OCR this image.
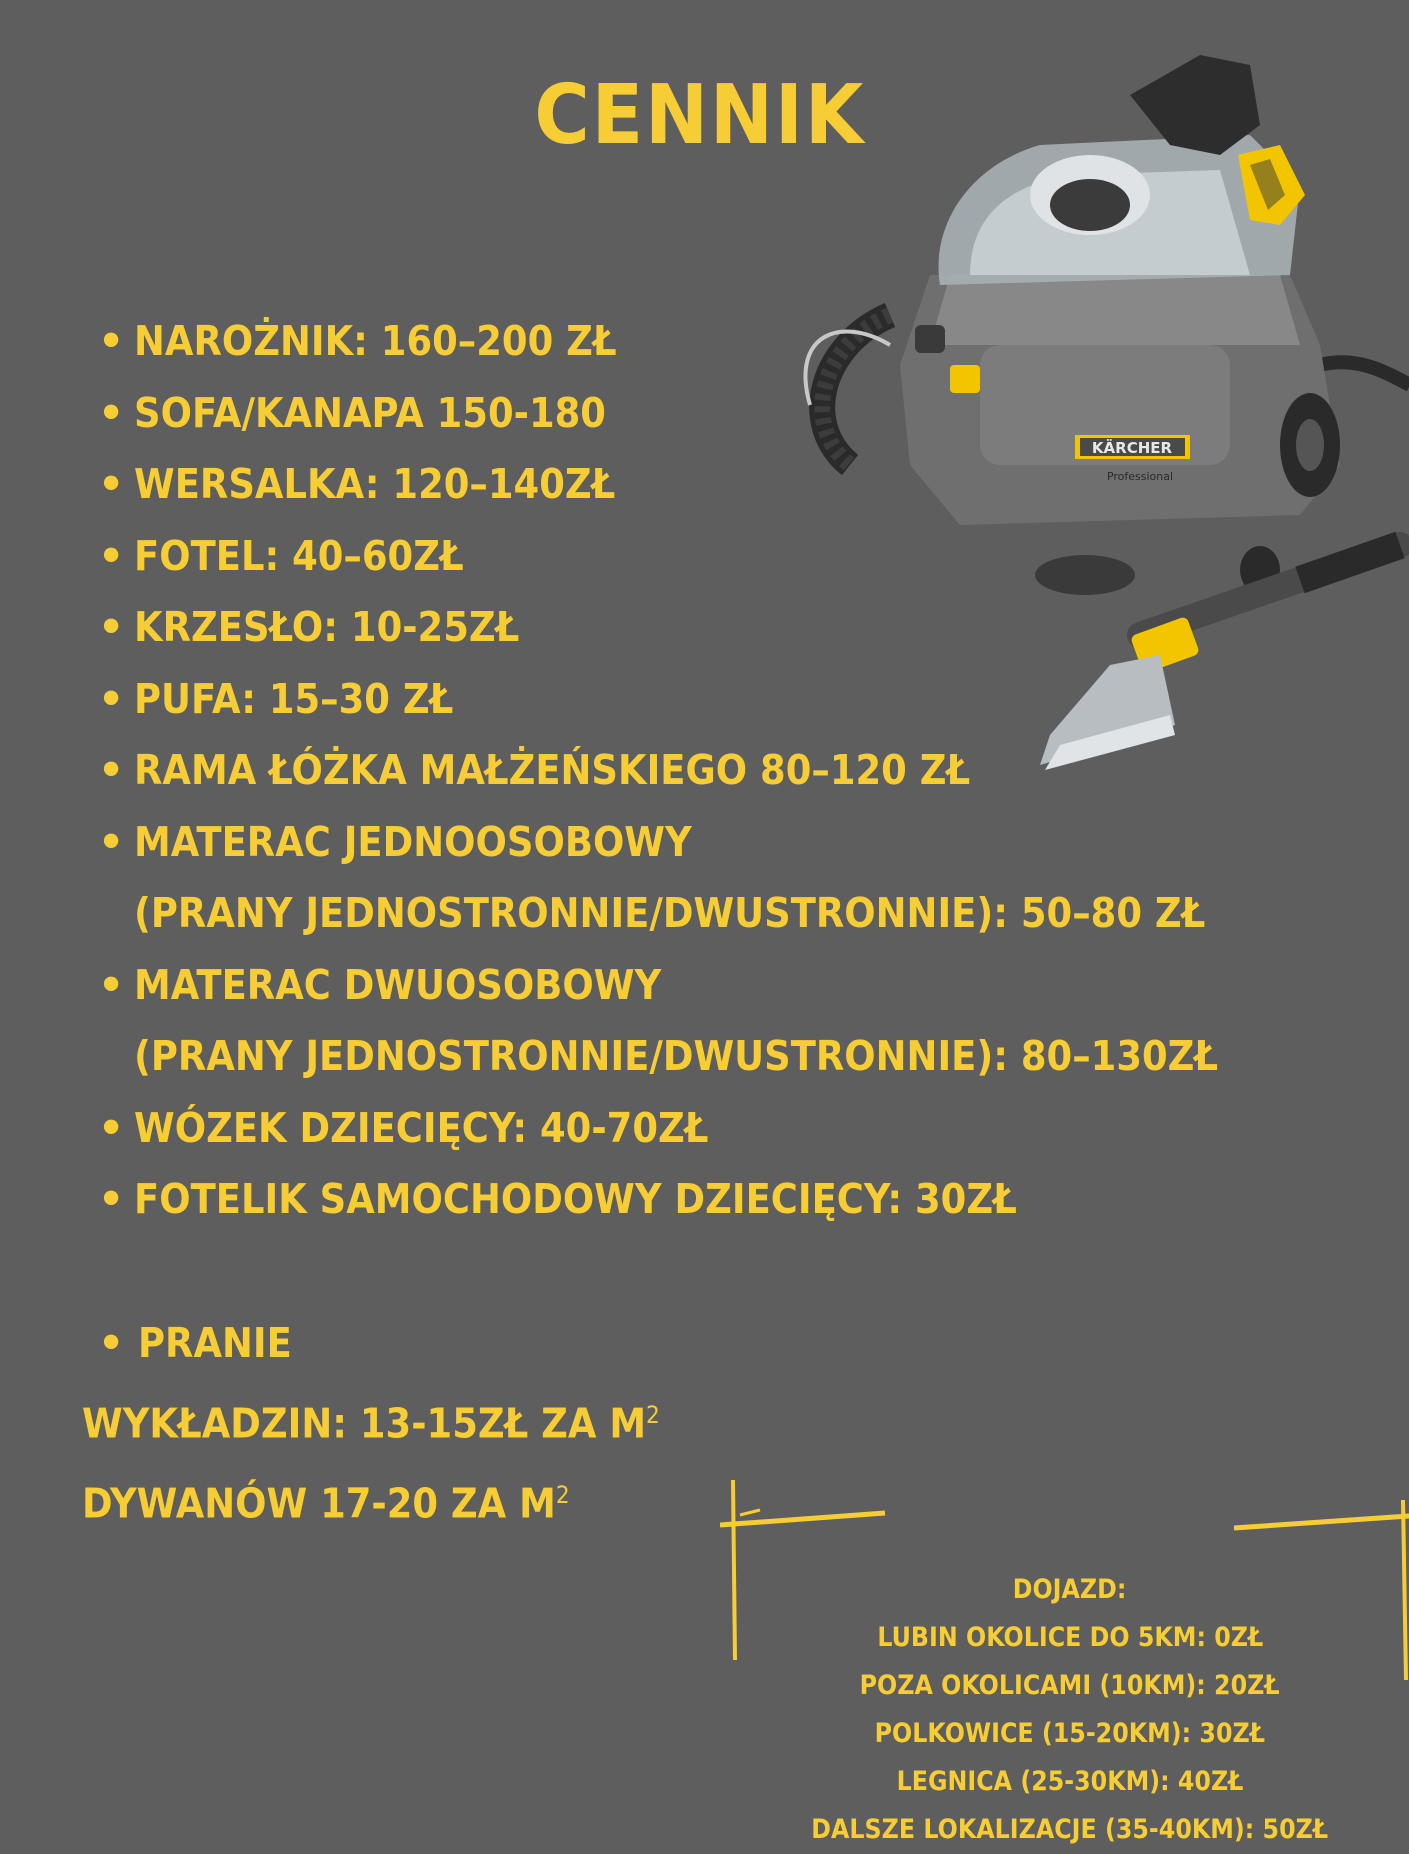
CENNIK
• NAROŻNIK: 160–200 ZŁ
• SOFA/KANAPA 150-180
• WERSALKA: 120–140ZŁ
• FOTEL: 40–60ZŁ
• KRZESŁO: 10-25ZŁ
• PUFA: 15–30 ZŁ
• RAMA ŁÓŻKA MAŁŻEŃSKIEGO 80–120 ZŁ
• MATERAC JEDNOOSOBOWY
(PRANY JEDNOSTRONNIE/DWUSTRONNIE): 50–80 ZŁ
• MATERAC DWUOSOBOWY
(PRANY JEDNOSTRONNIE/DWUSTRONNIE): 80–130ZŁ
• WÓZEK DZIECIĘCY: 40-70ZŁ
• FOTELIK SAMOCHODOWY DZIECIĘCY: 30ZŁ
• PRANIE
WYKŁADZIN: 13-15ZŁ ZA $M^2$
DYWANÓW 17-20 ZA $M^2$
KÄRCHER
Professional
DOJAZD:
LUBIN OKOLICE DO 5KM: 0ZŁ
POZA OKOLICAMI (10KM): 20ZŁ
POLKOWICE (15-20KM): 30ZŁ
LEGNICA (25-30KM): 40ZŁ
DALSZE LOKALIZACJE (35-40KM): 50ZŁ
